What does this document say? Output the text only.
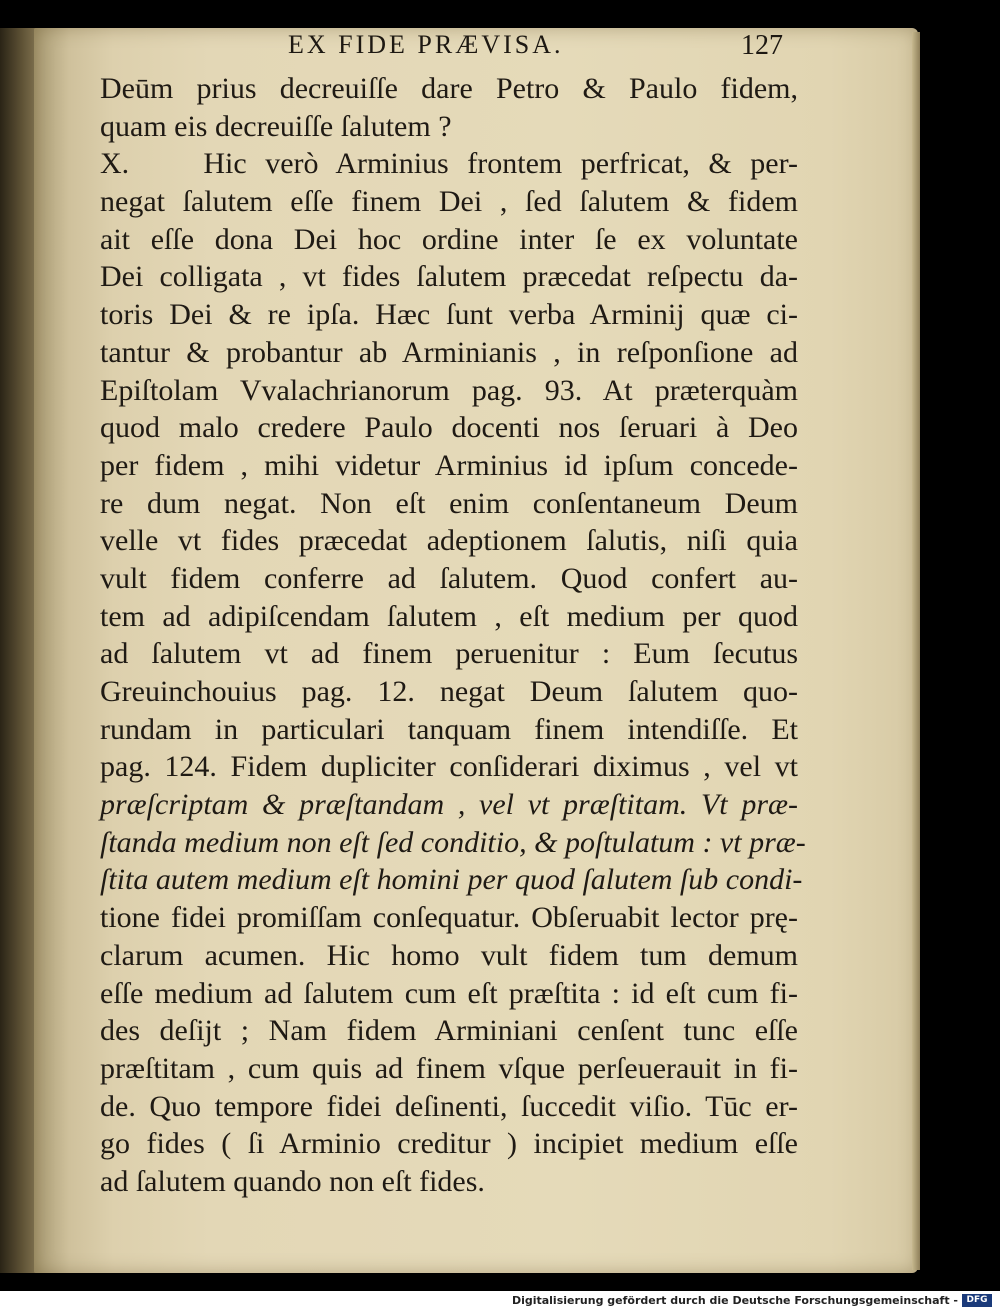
EX FIDE PRÆVISA.	127
Deūm prius decreuiſſe dare Petro & Paulo fidem,
quam eis decreuiſſe ſalutem ?
X.    Hic verò Arminius frontem perfricat, & per-
negat ſalutem eſſe finem Dei , ſed ſalutem & fidem
ait eſſe dona Dei hoc ordine inter ſe ex voluntate
Dei colligata , vt fides ſalutem præcedat reſpectu da-
toris Dei & re ipſa. Hæc ſunt verba Arminij quæ ci-
tantur & probantur ab Arminianis , in reſponſione ad
Epiſtolam Vvalachrianorum pag. 93. At præterquàm
quod malo credere Paulo docenti nos ſeruari à Deo
per fidem , mihi videtur Arminius id ipſum concede-
re dum negat. Non eſt enim conſentaneum Deum
velle vt fides præcedat adeptionem ſalutis, niſi quia
vult fidem conferre ad ſalutem. Quod confert au-
tem ad adipiſcendam ſalutem , eſt medium per quod
ad ſalutem vt ad finem peruenitur : Eum ſecutus
Greuinchouius pag. 12. negat Deum ſalutem quo-
rundam in particulari tanquam finem intendiſſe. Et
pag. 124. Fidem dupliciter conſiderari diximus , vel vt
præſcriptam & præſtandam , vel vt præſtitam. Vt præ-
ſtanda medium non eſt ſed conditio, & poſtulatum : vt præ-
ſtita autem medium eſt homini per quod ſalutem ſub condi-
tione fidei promiſſam conſequatur. Obſeruabit lector prę-
clarum acumen. Hic homo vult fidem tum demum
eſſe medium ad ſalutem cum eſt præſtita : id eſt cum fi-
des deſijt ; Nam fidem Arminiani cenſent tunc eſſe
præſtitam , cum quis ad finem vſque perſeuerauit in fi-
de. Quo tempore fidei deſinenti, ſuccedit viſio. Tūc er-
go fides ( ſi Arminio creditur ) incipiet medium eſſe
ad ſalutem quando non eſt fides.
Digitalisierung gefördert durch die Deutsche Forschungsgemeinschaft - DFG
